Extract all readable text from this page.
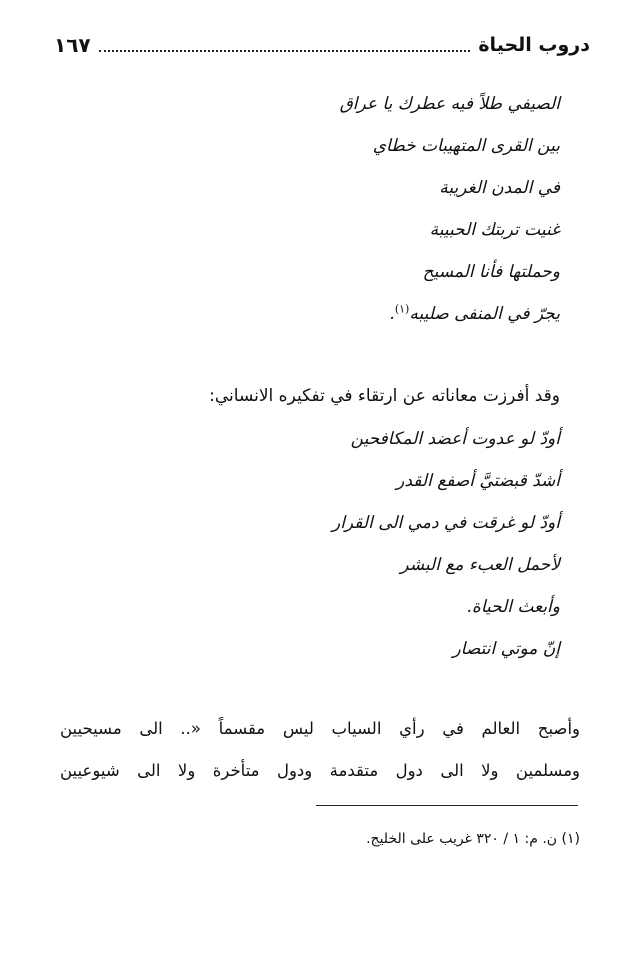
دروب الحياة
١٦٧
الصيفي طلاً فيه عطرك يا عراق
بين القرى المتهيبات خطاي
في المدن الغريبة
غنيت تربتك الحبيبة
وحملتها فأنا المسيح
يجرّ في المنفى صليبه$^{(١)}$.
وقد أفرزت معاناته عن ارتقاء في تفكيره الانساني:
أودّ لو عدوت أعضد المكافحين
أشدّ قبضتيَّ أصفع القدر
أودّ لو غرقت في دمي الى القرار
لأحمل العبء مع البشر
وأبعث الحياة.
إنّ موتي انتصار
وأصبح العالم في رأي السياب ليس مقسماً «.. الى مسيحيين
ومسلمين ولا الى دول متقدمة ودول متأخرة ولا الى شيوعيين
(١) ن. م: ١ / ٣٢٠ غريب على الخليج.
